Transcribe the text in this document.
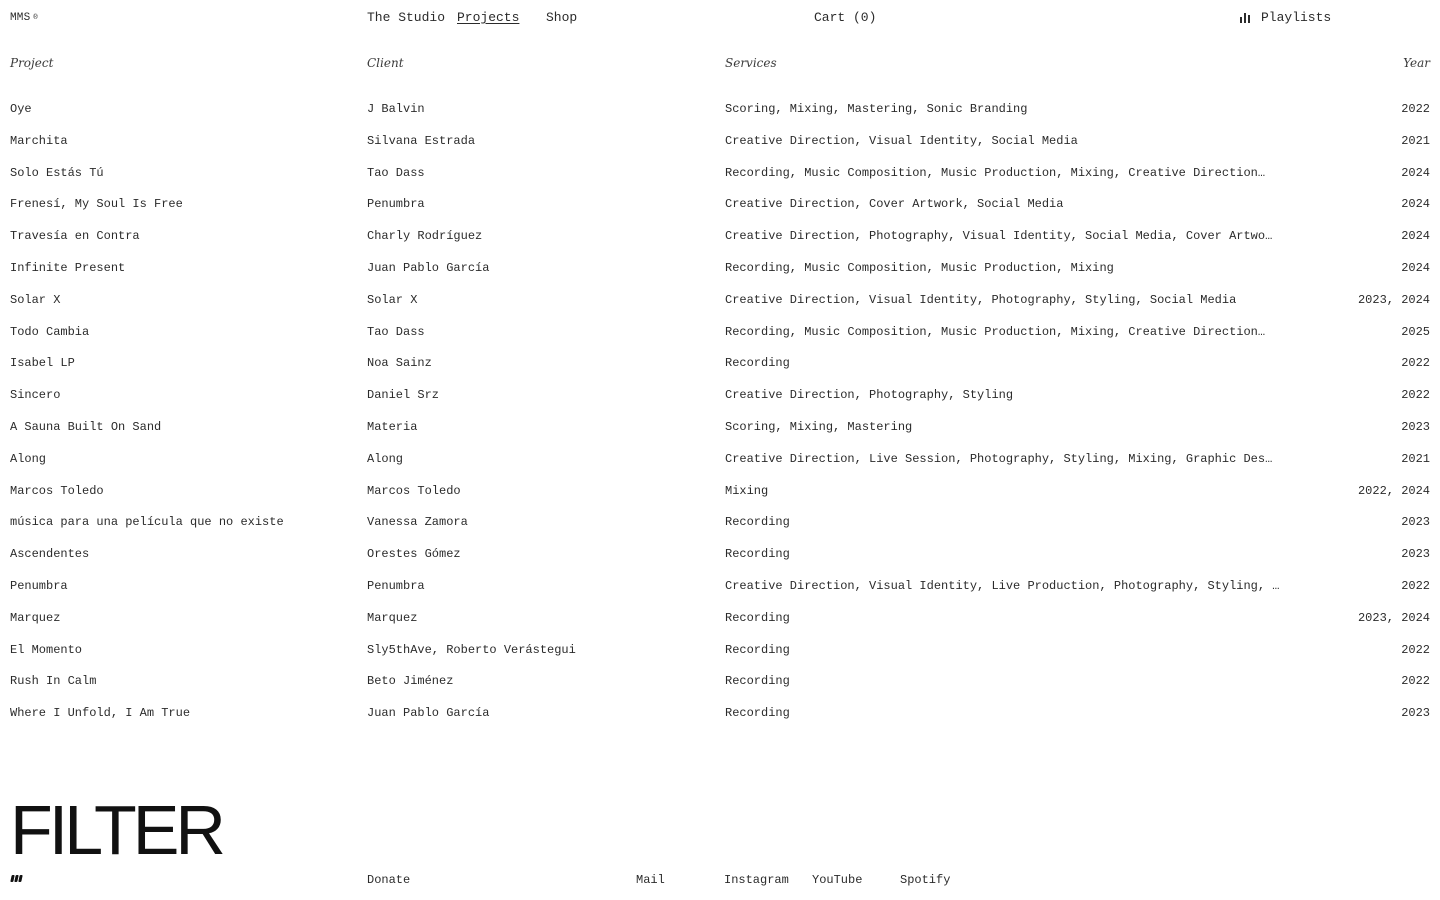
MMS ®	The Studio Projects Shop	Cart (0)	Playlists
Project	Client	Services	Year
Oye	J Balvin	Scoring, Mixing, Mastering, Sonic Branding	2022
Marchita	Silvana Estrada	Creative Direction, Visual Identity, Social Media	2021
Solo Estás Tú	Tao Dass	Recording, Music Composition, Music Production, Mixing, Creative Direction…	2024
Frenesí, My Soul Is Free	Penumbra	Creative Direction, Cover Artwork, Social Media	2024
Travesía en Contra	Charly Rodríguez	Creative Direction, Photography, Visual Identity, Social Media, Cover Artwo…	2024
Infinite Present	Juan Pablo García	Recording, Music Composition, Music Production, Mixing	2024
Solar X	Solar X	Creative Direction, Visual Identity, Photography, Styling, Social Media	2023, 2024
Todo Cambia	Tao Dass	Recording, Music Composition, Music Production, Mixing, Creative Direction…	2025
Isabel LP	Noa Sainz	Recording	2022
Sincero	Daniel Srz	Creative Direction, Photography, Styling	2022
A Sauna Built On Sand	Materia	Scoring, Mixing, Mastering	2023
Along	Along	Creative Direction, Live Session, Photography, Styling, Mixing, Graphic Des…	2021
Marcos Toledo	Marcos Toledo	Mixing	2022, 2024
música para una película que no existe	Vanessa Zamora	Recording	2023
Ascendentes	Orestes Gómez	Recording	2023
Penumbra	Penumbra	Creative Direction, Visual Identity, Live Production, Photography, Styling, …	2022
Marquez	Marquez	Recording	2023, 2024
El Momento	Sly5thAve, Roberto Verástegui	Recording	2022
Rush In Calm	Beto Jiménez	Recording	2022
Where I Unfold, I Am True	Juan Pablo García	Recording	2023
FILTER
Donate	Mail	Instagram YouTube	Spotify
